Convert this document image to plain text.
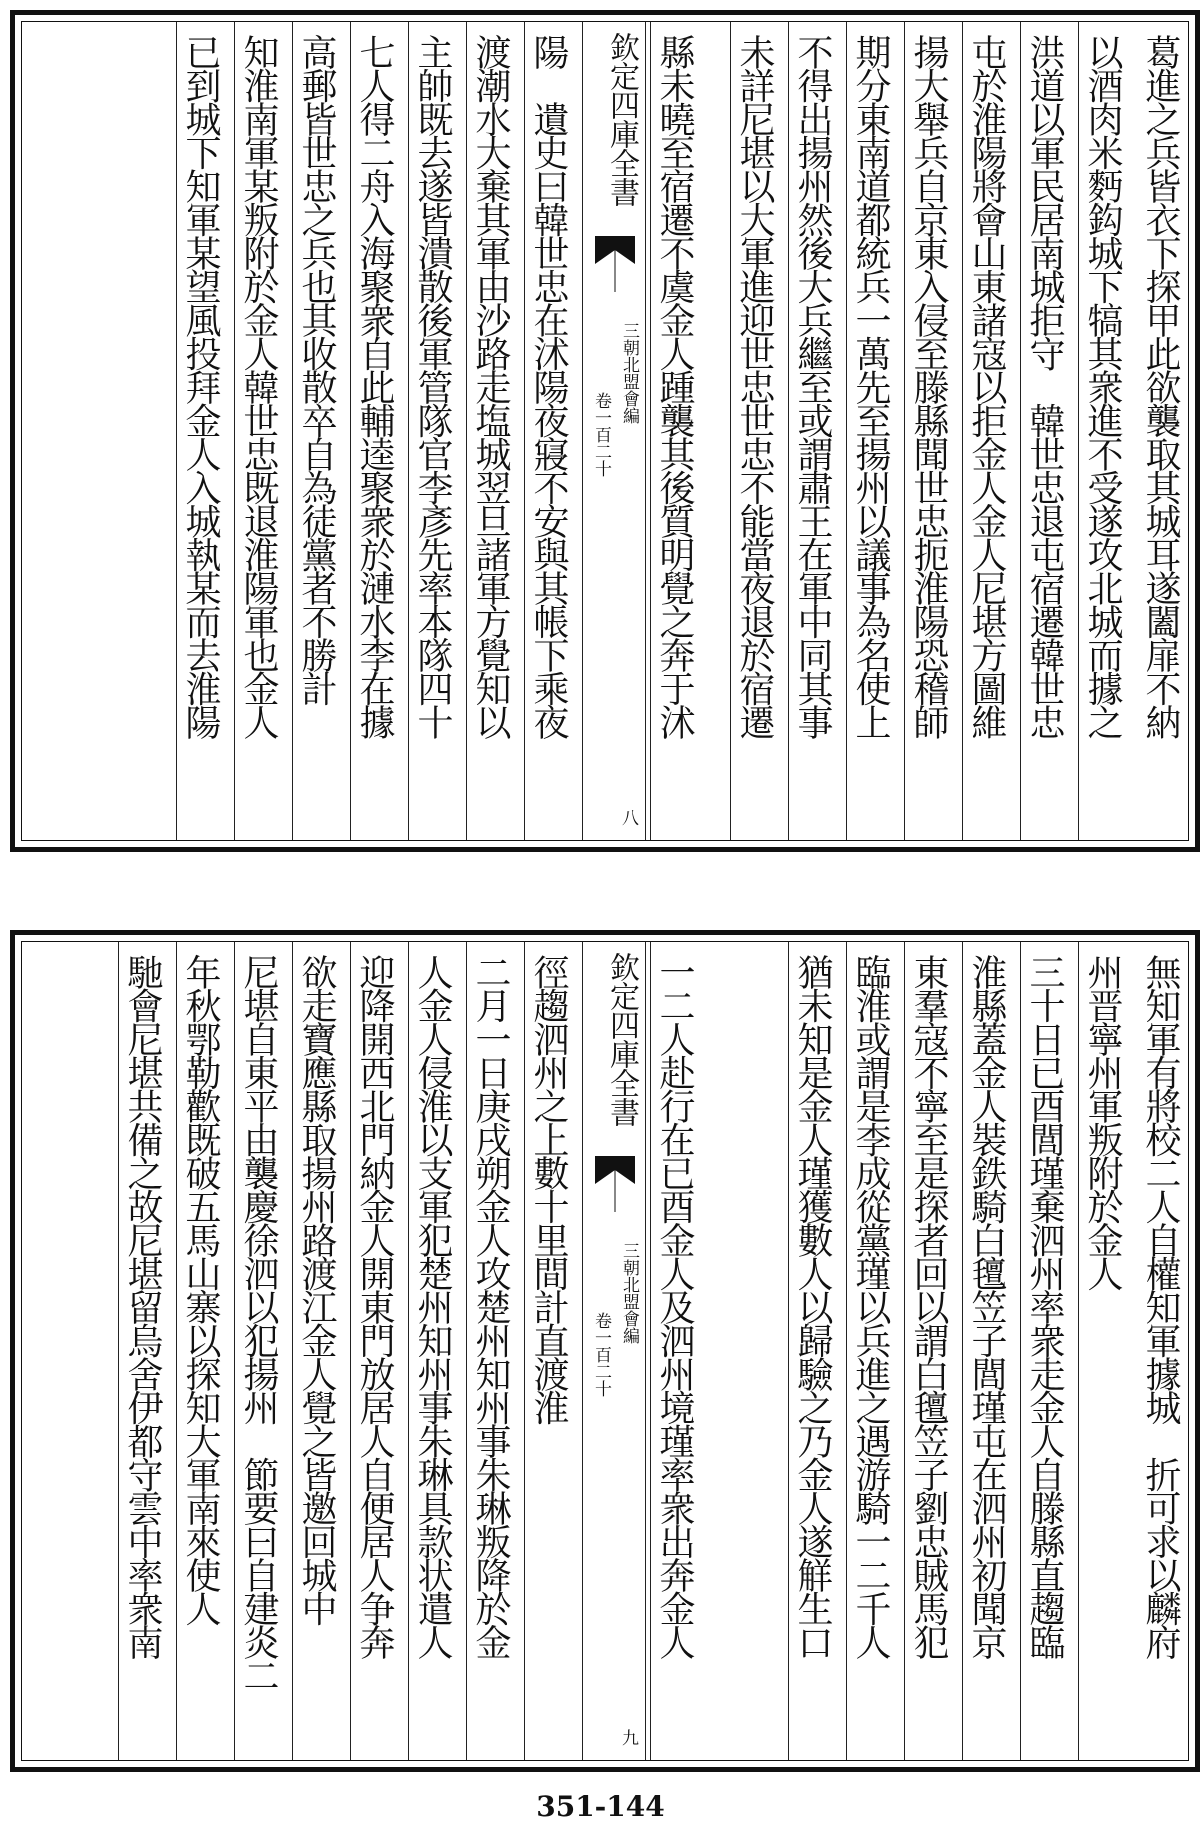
葛進之兵皆衣下探甲此欲襲取其城耳遂闔扉不納
以酒肉米麪鈎城下犒其衆進不受遂攻北城而據之
洪道以軍民居南城拒守　韓世忠退屯宿遷韓世忠
屯於淮陽將會山東諸寇以拒金人金人尼堪方圖維
揚大舉兵自京東入侵至滕縣聞世忠扼淮陽恐稽師
期分東南道都統兵一萬先至揚州以議事為名使上
不得出揚州然後大兵繼至或謂肅王在軍中同其事
未詳尼堪以大軍進迎世忠世忠不能當夜退於宿遷
縣未曉至宿遷不虞金人踵襲其後質明覺之奔于沭
欽定四庫全書
三朝北盟會編
卷一百二十
八
陽　遺史曰韓世忠在沭陽夜寢不安與其帳下乘夜
渡潮水大棄其軍由沙路走塩城翌旦諸軍方覺知以
主帥既去遂皆潰散後軍管隊官李彥先率本隊四十
七人得二舟入海聚衆自此輔逵聚衆於漣水李在據
高郵皆世忠之兵也其收散卒自為徒黨者不勝計
知淮南軍某叛附於金人韓世忠既退淮陽軍也金人
已到城下知軍某望風投拜金人入城執某而去淮陽
無知軍有將校二人自權知軍據城　折可求以麟府
州晋寧州軍叛附於金人
三十日已酉閭瑾棄泗州率衆走金人自滕縣直趨臨
淮縣蓋金人裝鉄騎白氊笠子閭瑾屯在泗州初聞京
東羣寇不寧至是探者回以謂白氊笠子劉忠賊馬犯
臨淮或謂是李成從黨瑾以兵進之遇游騎一二千人
猶未知是金人瑾獲數人以歸驗之乃金人遂觧生口
一二人赴行在已酉金人及泗州境瑾率衆出奔金人
欽定四庫全書
三朝北盟會編
卷一百二十
九
徑趨泗州之上數十里間計直渡淮
二月一日庚戌朔金人攻楚州知州事朱琳叛降於金
人金人侵淮以支軍犯楚州知州事朱琳具款状遣人
迎降開西北門納金人開東門放居人自便居人争奔
欲走寶應縣取揚州路渡江金人覺之皆邀回城中
尼堪自東平由襲慶徐泗以犯揚州　節要曰自建炎二
年秋鄂勒歡既破五馬山寨以探知大軍南來使人
馳會尼堪共備之故尼堪留烏舍伊都守雲中率衆南
351-144
